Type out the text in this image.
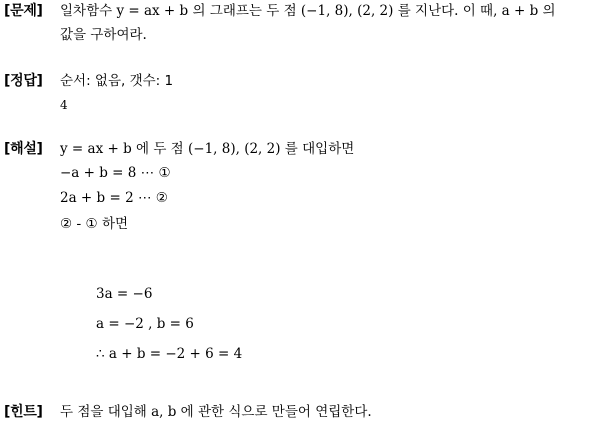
[문제] 일차함수 y = ax + b 의 그래프는 두 점 (−1, 8), (2, 2) 를 지난다. 이 때, a + b 의
값을 구하여라.
[정답] 순서: 없음, 갯수: 1
4
[해설] y = ax + b 에 두 점 (−1, 8), (2, 2) 를 대입하면
−a + b = 8 ⋯ ①
2a + b = 2 ⋯ ②
② - ① 하면
3a = −6
a = −2 , b = 6
∴ a + b = −2 + 6 = 4
[힌트] 두 점을 대입해 a, b 에 관한 식으로 만들어 연립한다.
